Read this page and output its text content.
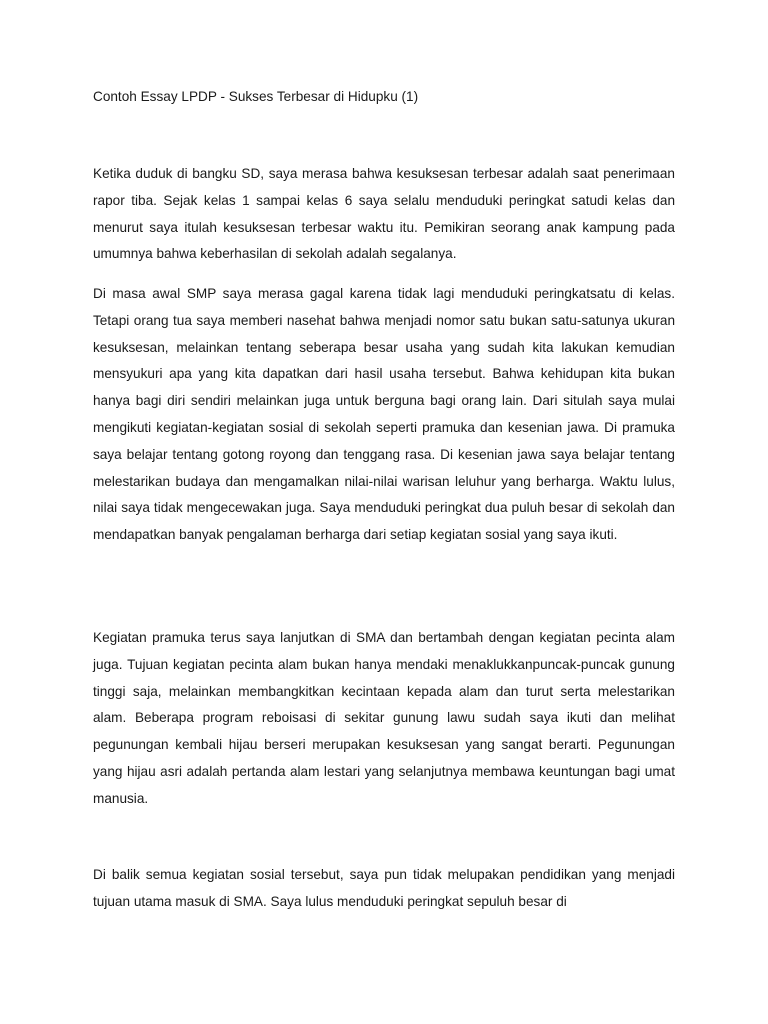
Contoh Essay LPDP - Sukses Terbesar di Hidupku (1)

Ketika duduk di bangku SD, saya merasa bahwa kesuksesan terbesar adalah saat penerimaan rapor tiba. Sejak kelas 1 sampai kelas 6 saya selalu menduduki peringkat satudi kelas dan menurut saya itulah kesuksesan terbesar waktu itu. Pemikiran seorang anak kampung pada umumnya bahwa keberhasilan di sekolah adalah segalanya.

Di masa awal SMP saya merasa gagal karena tidak lagi menduduki peringkatsatu di kelas. Tetapi orang tua saya memberi nasehat bahwa menjadi nomor satu bukan satu-satunya ukuran kesuksesan, melainkan tentang seberapa besar usaha yang sudah kita lakukan kemudian mensyukuri apa yang kita dapatkan dari hasil usaha tersebut. Bahwa kehidupan kita bukan hanya bagi diri sendiri melainkan juga untuk berguna bagi orang lain. Dari situlah saya mulai mengikuti kegiatan-kegiatan sosial di sekolah seperti pramuka dan kesenian jawa. Di pramuka saya belajar tentang gotong royong dan tenggang rasa. Di kesenian jawa saya belajar tentang melestarikan budaya dan mengamalkan nilai-nilai warisan leluhur yang berharga. Waktu lulus, nilai saya tidak mengecewakan juga. Saya menduduki peringkat dua puluh besar di sekolah dan mendapatkan banyak pengalaman berharga dari setiap kegiatan sosial yang saya ikuti.

Kegiatan pramuka terus saya lanjutkan di SMA dan bertambah dengan kegiatan pecinta alam juga. Tujuan kegiatan pecinta alam bukan hanya mendaki menaklukkanpuncak-puncak gunung tinggi saja, melainkan membangkitkan kecintaan kepada alam dan turut serta melestarikan alam. Beberapa program reboisasi di sekitar gunung lawu sudah saya ikuti dan melihat pegunungan kembali hijau berseri merupakan kesuksesan yang sangat berarti. Pegunungan yang hijau asri adalah pertanda alam lestari yang selanjutnya membawa keuntungan bagi umat manusia.

Di balik semua kegiatan sosial tersebut, saya pun tidak melupakan pendidikan yang menjadi tujuan utama masuk di SMA. Saya lulus menduduki peringkat sepuluh besar di
